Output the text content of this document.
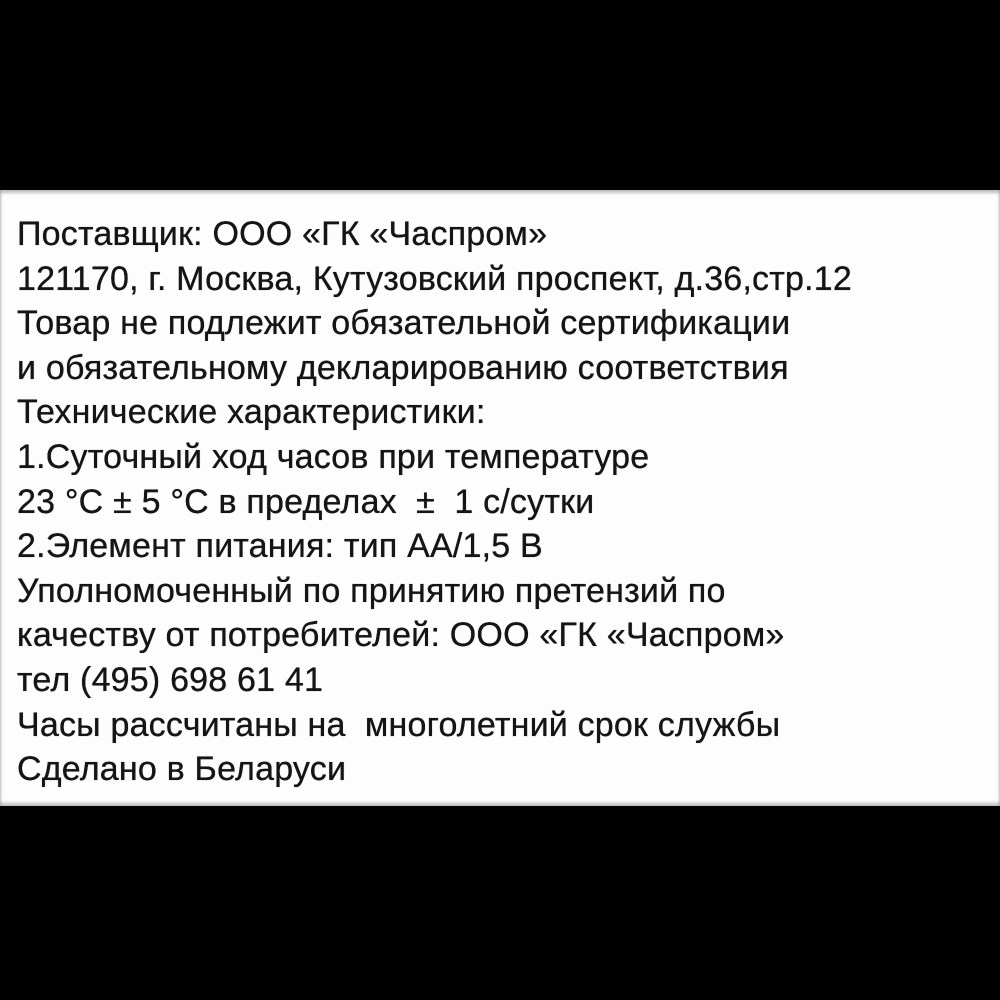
Поставщик: ООО «ГК «Часпром»
121170, г. Москва, Кутузовский проспект, д.36,стр.12
Товар не подлежит обязательной сертификации
и обязательному декларированию соответствия
Технические характеристики:
1.Суточный ход часов при температуре
23 °С ± 5 °С в пределах  ±  1 с/сутки
2.Элемент питания: тип АА/1,5 В
Уполномоченный по принятию претензий по
качеству от потребителей: ООО «ГК «Часпром»
тел (495) 698 61 41
Часы рассчитаны на  многолетний срок службы
Сделано в Беларуси
